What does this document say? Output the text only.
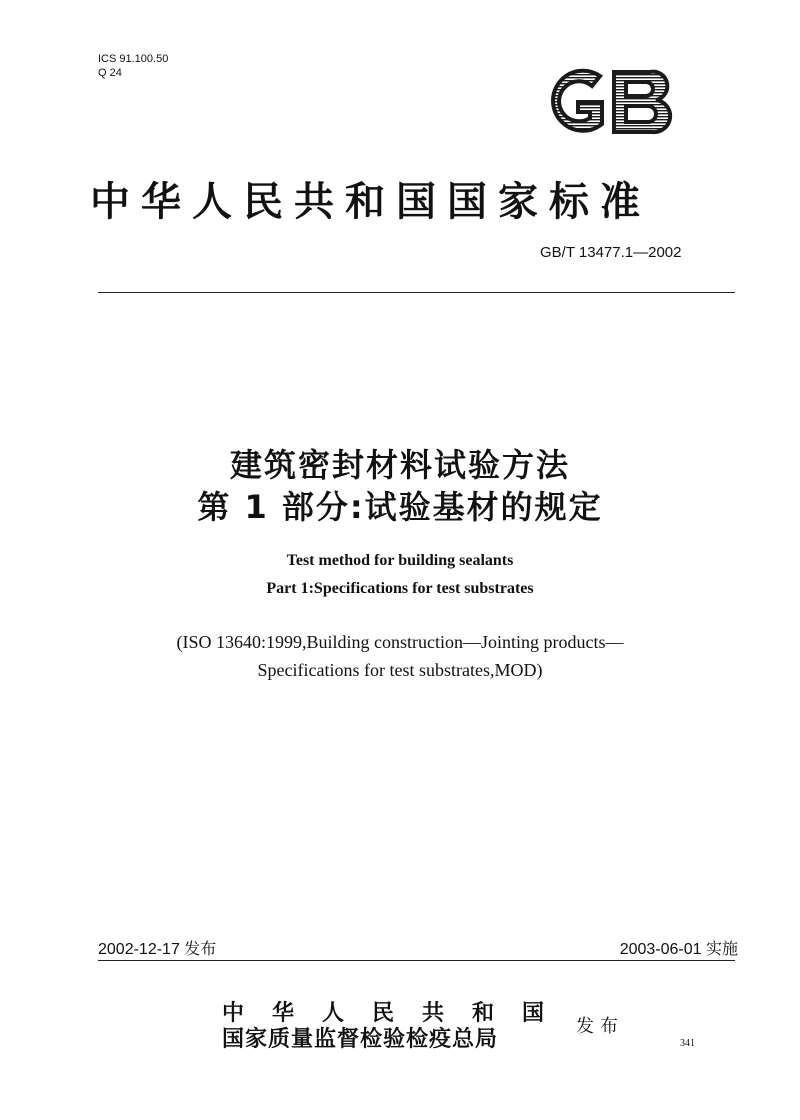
ICS 91.100.50
Q 24
中华人民共和国国家标准
GB/T 13477.1—2002
建筑密封材料试验方法
第 1 部分:试验基材的规定
Test method for building sealants
Part 1:Specifications for test substrates
(ISO 13640:1999,Building construction—Jointing products—
Specifications for test substrates,MOD)
2002-12-17 发布	2003-06-01 实施
中华人民共和国
国家质量监督检验检疫总局	发布
341
